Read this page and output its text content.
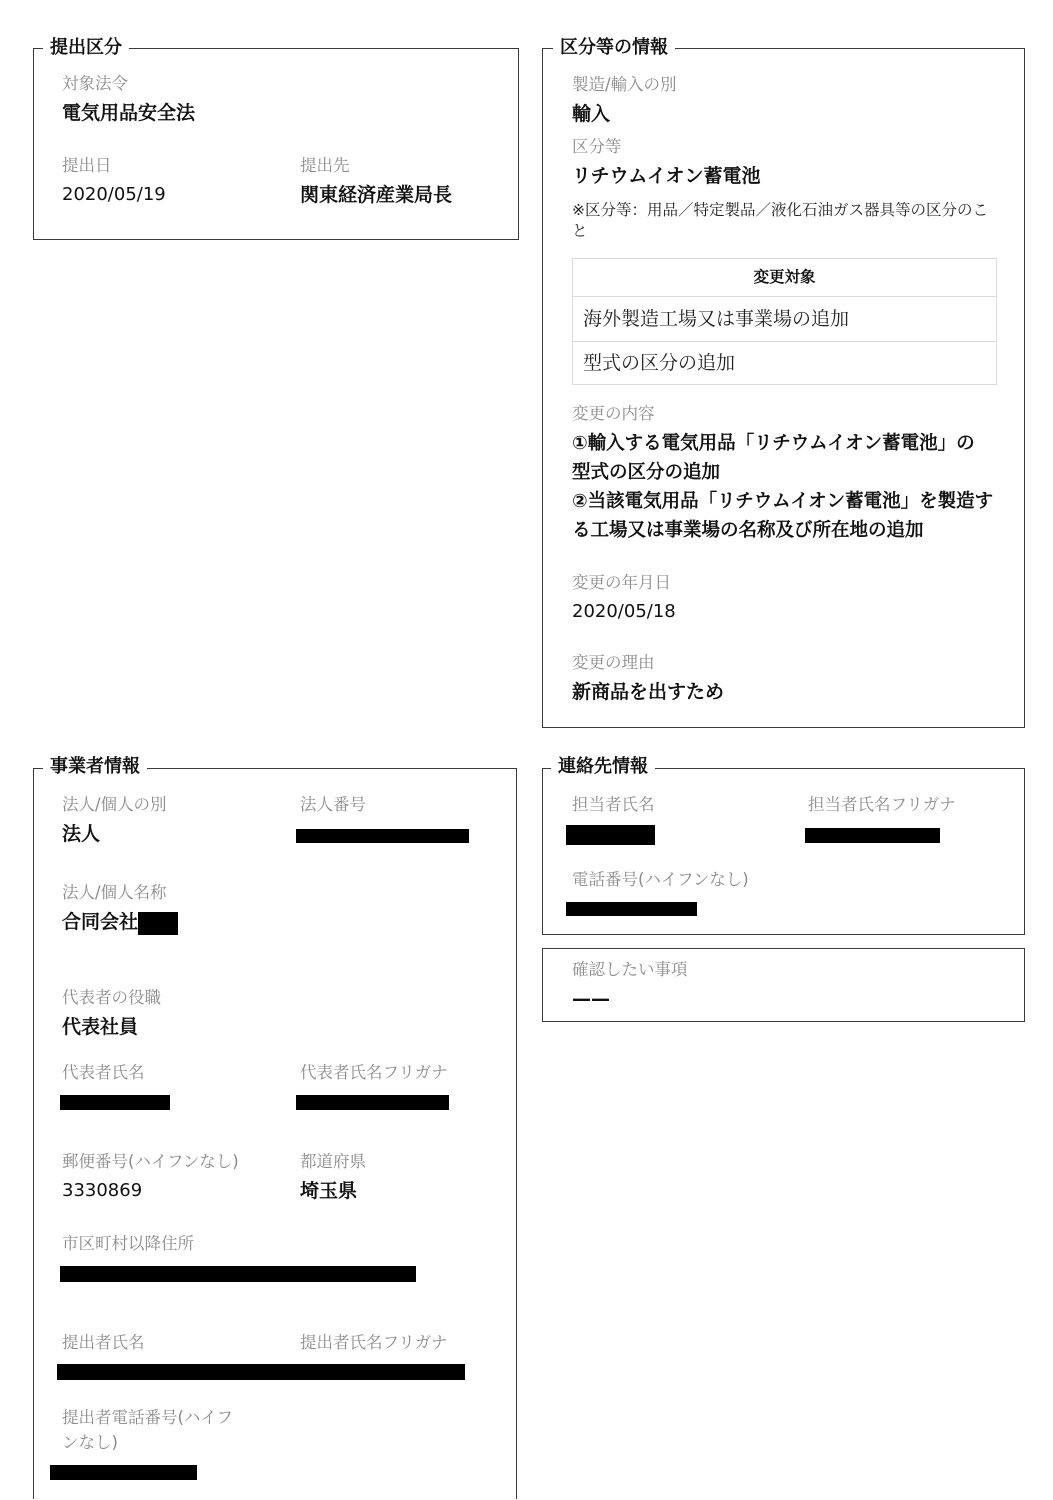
提出区分
対象法令
電気用品安全法
提出日
2020/05/19
提出先
関東経済産業局長
区分等の情報
製造/輸入の別
輸入
区分等
リチウムイオン蓄電池
※区分等：用品／特定製品／液化石油ガス器具等の区分のこと
変更対象
海外製造工場又は事業場の追加
型式の区分の追加
変更の内容
①輸入する電気用品「リチウムイオン蓄電池」の
型式の区分の追加
②当該電気用品「リチウムイオン蓄電池」を製造す
る工場又は事業場の名称及び所在地の追加
変更の年月日
2020/05/18
変更の理由
新商品を出すため
事業者情報
法人/個人の別
法人
法人番号
法人/個人名称
合同会社
代表者の役職
代表社員
代表者氏名	代表者氏名フリガナ
郵便番号(ハイフンなし)
3330869
都道府県
埼玉県
市区町村以降住所
提出者氏名	提出者氏名フリガナ
提出者電話番号(ハイフンなし)
連絡先情報
担当者氏名	担当者氏名フリガナ
電話番号(ハイフンなし)
確認したい事項
——
